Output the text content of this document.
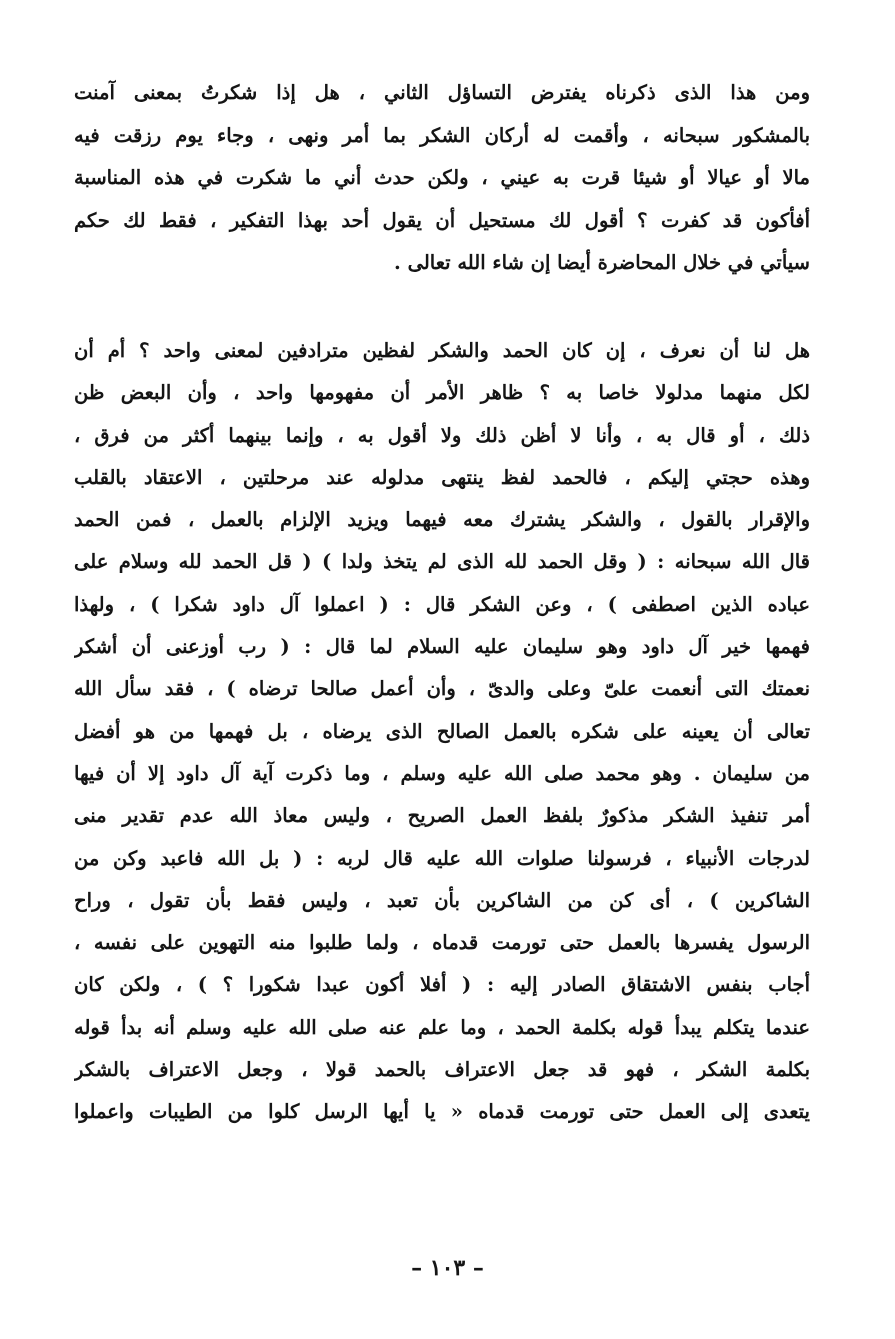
ومن هذا الذى ذكرناه يفترض التساؤل الثاني ، هل إذا شكرتُ بمعنى آمنت
بالمشكور سبحانه ، وأقمت له أركان الشكر بما أمر ونهى ، وجاء يوم رزقت فيه
مالا أو عيالا أو شيئا قرت به عيني ، ولكن حدث أني ما شكرت في هذه المناسبة
أفأكون قد كفرت ؟ أقول لك مستحيل أن يقول أحد بهذا التفكير ، فقط لك حكم
سيأتي في خلال المحاضرة أيضا إن شاء الله تعالى .
هل لنا أن نعرف ، إن كان الحمد والشكر لفظين مترادفين لمعنى واحد ؟ أم أن
لكل منهما مدلولا خاصا به ؟ ظاهر الأمر أن مفهومها واحد ، وأن البعض ظن
ذلك ، أو قال به ، وأنا لا أظن ذلك ولا أقول به ، وإنما بينهما أكثر من فرق ،
وهذه حجتي إليكم ، فالحمد لفظ ينتهى مدلوله عند مرحلتين ، الاعتقاد بالقلب
والإقرار بالقول ، والشكر يشترك معه فيهما ويزيد الإلزام بالعمل ، فمن الحمد
قال الله سبحانه : ( وقل الحمد لله الذى لم يتخذ ولدا ) ( قل الحمد لله وسلام على
عباده الذين اصطفى ) ، وعن الشكر قال : ( اعملوا آل داود شكرا ) ، ولهذا
فهمها خير آل داود وهو سليمان عليه السلام لما قال : ( رب أوزعنى أن أشكر
نعمتك التى أنعمت علىّ وعلى والدىّ ، وأن أعمل صالحا ترضاه ) ، فقد سأل الله
تعالى أن يعينه على شكره بالعمل الصالح الذى يرضاه ، بل فهمها من هو أفضل
من سليمان . وهو محمد صلى الله عليه وسلم ، وما ذكرت آية آل داود إلا أن فيها
أمر تنفيذ الشكر مذكورٌ بلفظ العمل الصريح ، وليس معاذ الله عدم تقدير منى
لدرجات الأنبياء ، فرسولنا صلوات الله عليه قال لربه : ( بل الله فاعبد وكن من
الشاكرين ) ، أى كن من الشاكرين بأن تعبد ، وليس فقط بأن تقول ، وراح
الرسول يفسرها بالعمل حتى تورمت قدماه ، ولما طلبوا منه التهوين على نفسه ،
أجاب بنفس الاشتقاق الصادر إليه : ( أفلا أكون عبدا شكورا ؟ ) ، ولكن كان
عندما يتكلم يبدأ قوله بكلمة الحمد ، وما علم عنه صلى الله عليه وسلم أنه بدأ قوله
بكلمة الشكر ، فهو قد جعل الاعتراف بالحمد قولا ، وجعل الاعتراف بالشكر
يتعدى إلى العمل حتى تورمت قدماه « يا أيها الرسل كلوا من الطيبات واعملوا
– ١٠٣ –
